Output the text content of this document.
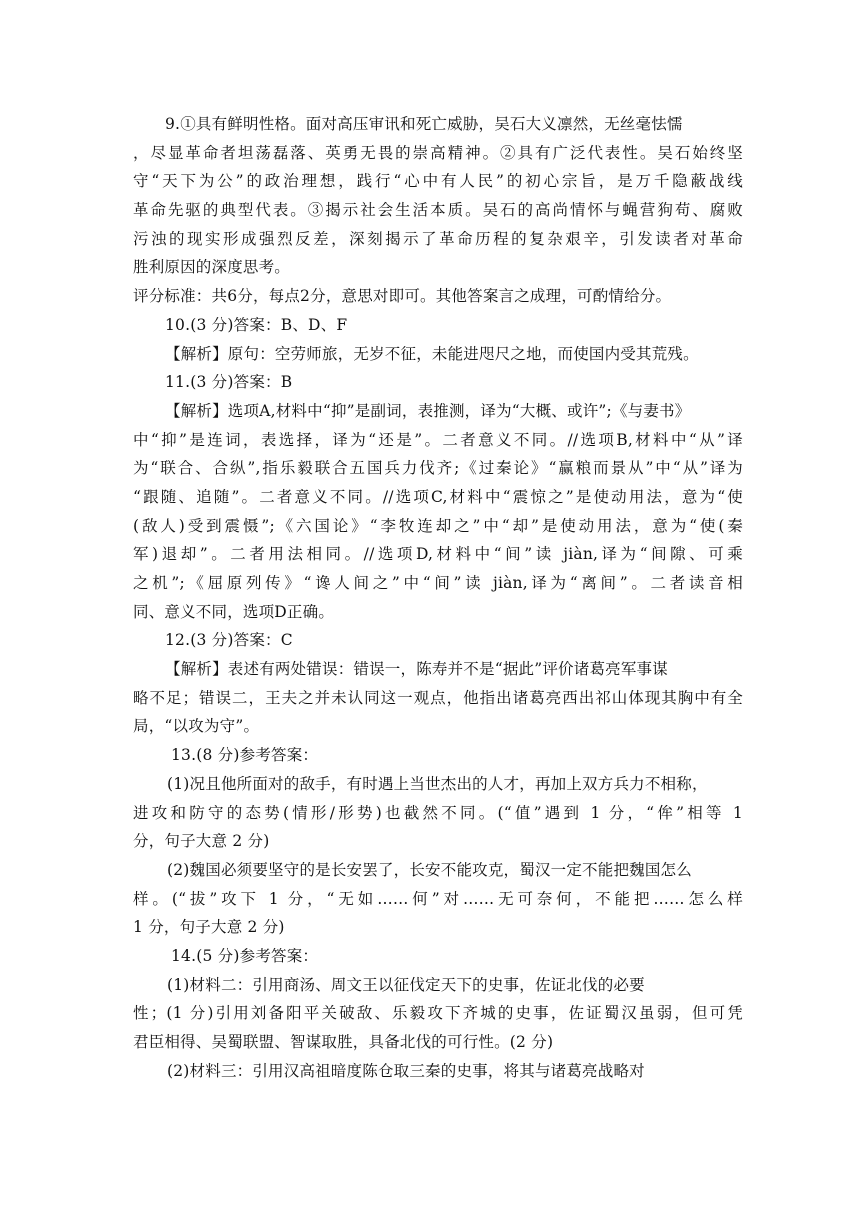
9.①具有鲜明性格。面对高压审讯和死亡威胁，吴石大义凛然，无丝毫怯懦
，尽显革命者坦荡磊落、英勇无畏的崇高精神。②具有广泛代表性。吴石始终坚
守“天下为公”的政治理想，践行“心中有人民”的初心宗旨，是万千隐蔽战线
革命先驱的典型代表。③揭示社会生活本质。吴石的高尚情怀与蝇营狗苟、腐败
污浊的现实形成强烈反差，深刻揭示了革命历程的复杂艰辛，引发读者对革命
胜利原因的深度思考。
评分标准：共6分，每点2分，意思对即可。其他答案言之成理，可酌情给分。
10.(3 分)答案：B、D、F
【解析】原句：空劳师旅，无岁不征，未能进咫尺之地，而使国内受其荒残。
11.(3 分)答案：B
【解析】选项A,材料中“抑”是副词，表推测，译为“大概、或许”;《与妻书》
中“抑”是连词，表选择，译为“还是”。二者意义不同。//选项B,材料中“从”译
为“联合、合纵”,指乐毅联合五国兵力伐齐;《过秦论》“赢粮而景从”中“从”译为
“跟随、追随”。二者意义不同。//选项C,材料中“震惊之”是使动用法，意为“使
(敌人)受到震慑”;《六国论》“李牧连却之”中“却”是使动用法，意为“使(秦
军)退却”。二者用法相同。//选项D,材料中“间”读 jiàn,译为“间隙、可乘
之机”;《屈原列传》“谗人间之”中“间”读 jiàn,译为“离间”。二者读音相
同、意义不同，选项D正确。
12.(3 分)答案：C
【解析】表述有两处错误：错误一，陈寿并不是“据此”评价诸葛亮军事谋
略不足；错误二，王夫之并未认同这一观点，他指出诸葛亮西出祁山体现其胸中有全
局，“以攻为守”。
13.(8 分)参考答案：
(1)况且他所面对的敌手，有时遇上当世杰出的人才，再加上双方兵力不相称，
进攻和防守的态势(情形/形势)也截然不同。(“值”遇到 1 分，“侔”相等 1
分，句子大意 2 分)
(2)魏国必须要坚守的是长安罢了，长安不能攻克，蜀汉一定不能把魏国怎么
样。(“拔”攻下 1 分，“无如……何”对……无可奈何，不能把……怎么样
1 分，句子大意 2 分)
14.(5 分)参考答案：
(1)材料二：引用商汤、周文王以征伐定天下的史事，佐证北伐的必要
性；(1 分)引用刘备阳平关破敌、乐毅攻下齐城的史事，佐证蜀汉虽弱，但可凭
君臣相得、吴蜀联盟、智谋取胜，具备北伐的可行性。(2 分)
(2)材料三：引用汉高祖暗度陈仓取三秦的史事，将其与诸葛亮战略对
